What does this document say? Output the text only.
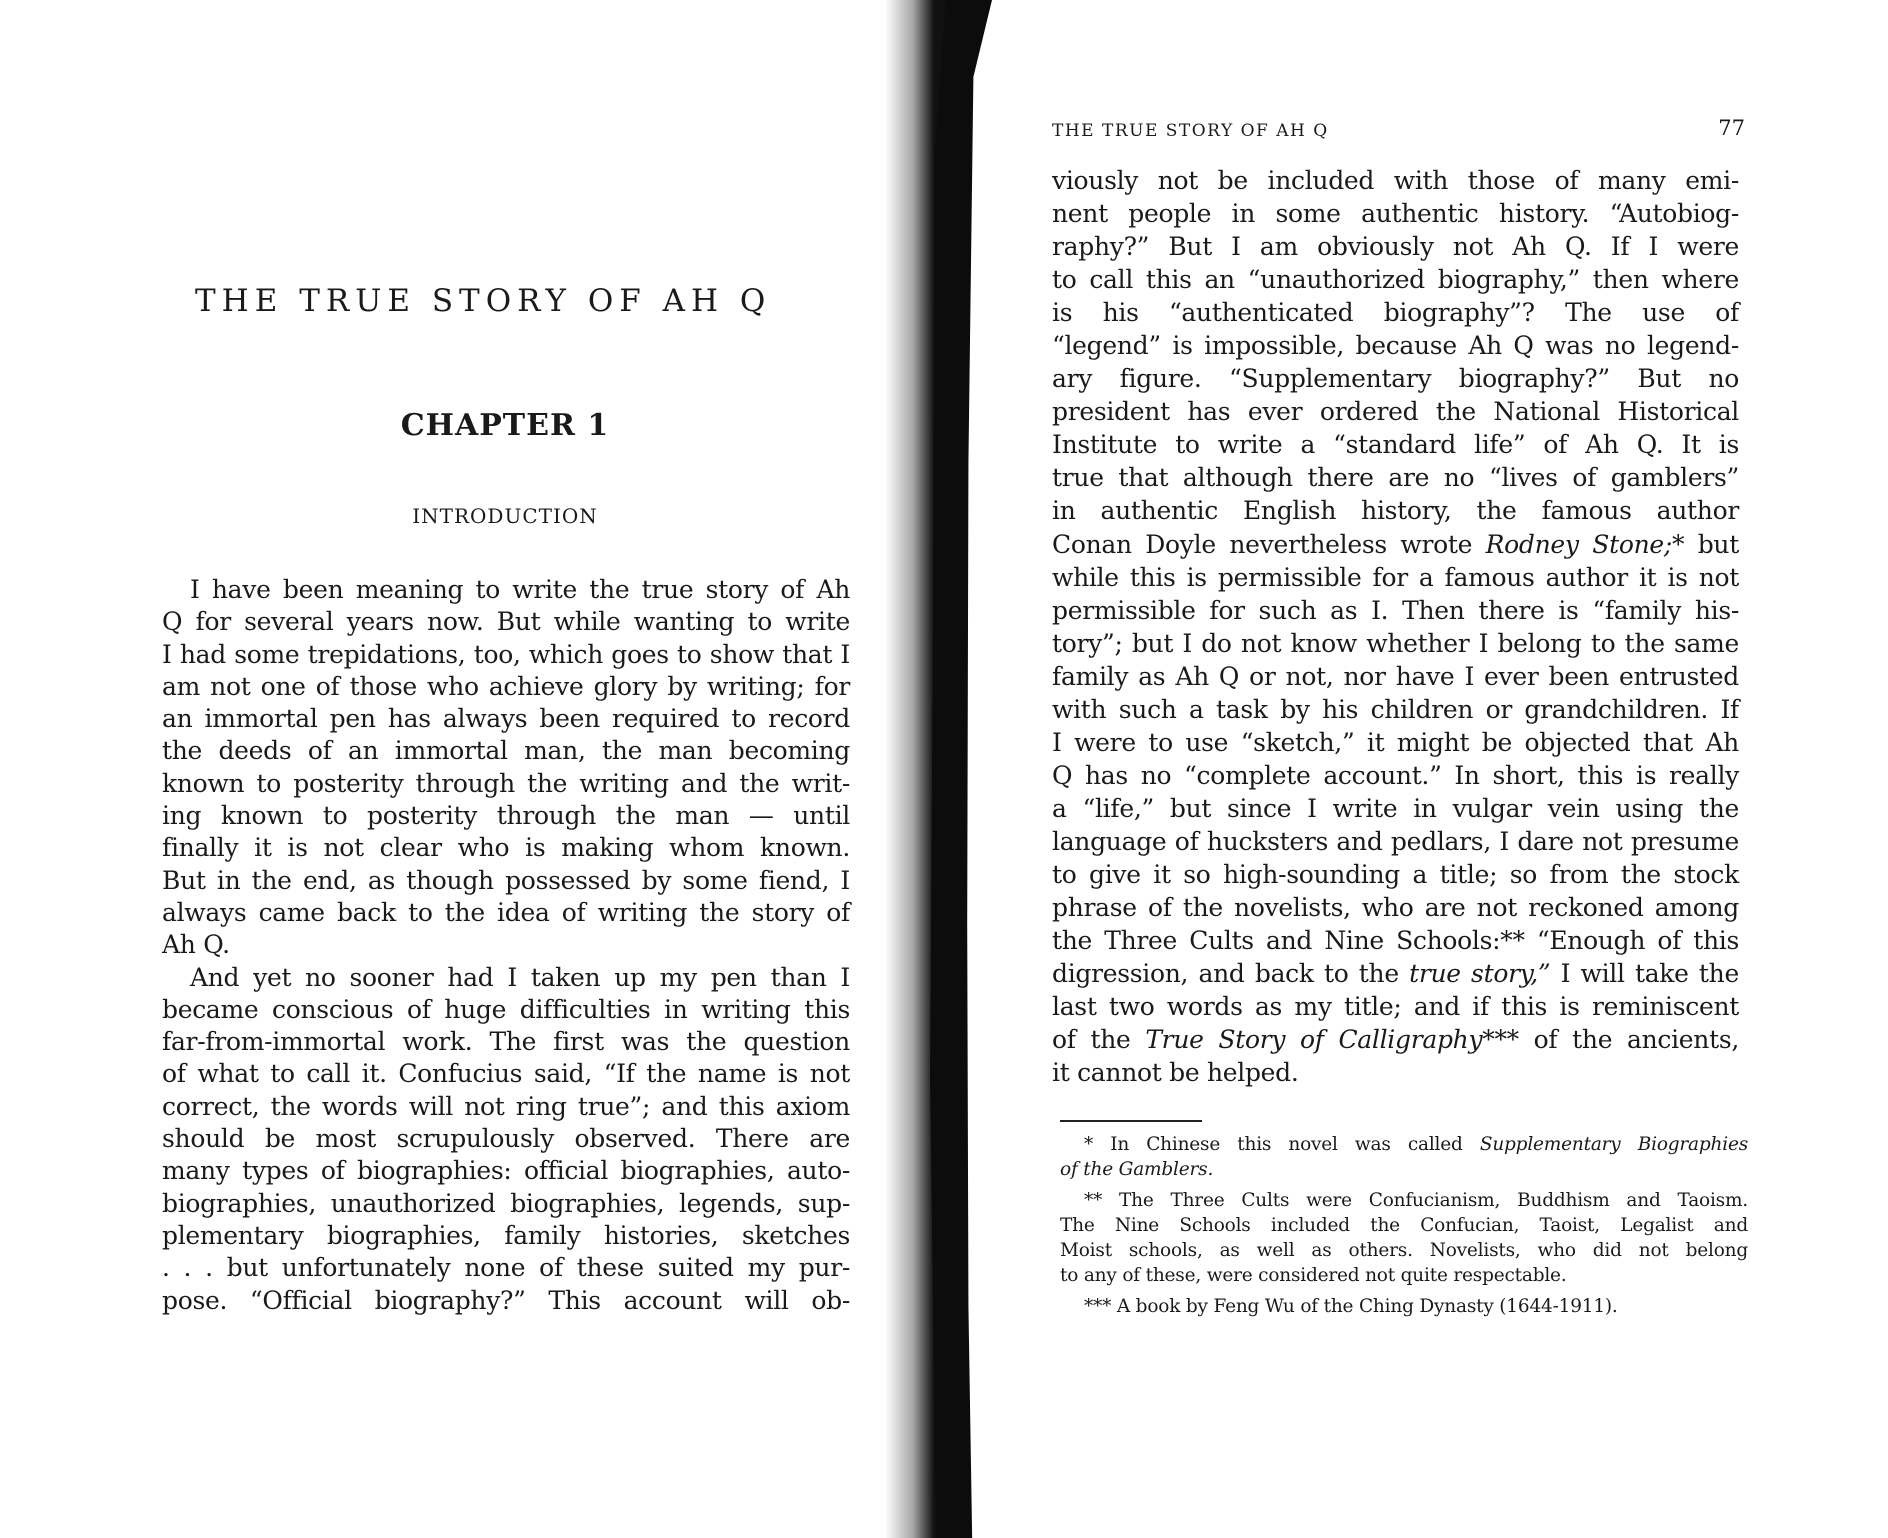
THE TRUE STORY OF AH Q
CHAPTER 1
INTRODUCTION
I have been meaning to write the true story of Ah
Q for several years now. But while wanting to write
I had some trepidations, too, which goes to show that I
am not one of those who achieve glory by writing; for
an immortal pen has always been required to record
the deeds of an immortal man, the man becoming
known to posterity through the writing and the writ-
ing known to posterity through the man — until
finally it is not clear who is making whom known.
But in the end, as though possessed by some fiend, I
always came back to the idea of writing the story of
Ah Q.
And yet no sooner had I taken up my pen than I
became conscious of huge difficulties in writing this
far-from-immortal work. The first was the question
of what to call it. Confucius said, “If the name is not
correct, the words will not ring true”; and this axiom
should be most scrupulously observed. There are
many types of biographies: official biographies, auto-
biographies, unauthorized biographies, legends, sup-
plementary biographies, family histories, sketches
. . . but unfortunately none of these suited my pur-
pose. “Official biography?” This account will ob-
THE TRUE STORY OF AH Q	77
viously not be included with those of many emi-
nent people in some authentic history. “Autobiog-
raphy?” But I am obviously not Ah Q. If I were
to call this an “unauthorized biography,” then where
is his “authenticated biography”? The use of
“legend” is impossible, because Ah Q was no legend-
ary figure. “Supplementary biography?” But no
president has ever ordered the National Historical
Institute to write a “standard life” of Ah Q. It is
true that although there are no “lives of gamblers”
in authentic English history, the famous author
Conan Doyle nevertheless wrote Rodney Stone;* but
while this is permissible for a famous author it is not
permissible for such as I. Then there is “family his-
tory”; but I do not know whether I belong to the same
family as Ah Q or not, nor have I ever been entrusted
with such a task by his children or grandchildren. If
I were to use “sketch,” it might be objected that Ah
Q has no “complete account.” In short, this is really
a “life,” but since I write in vulgar vein using the
language of hucksters and pedlars, I dare not presume
to give it so high-sounding a title; so from the stock
phrase of the novelists, who are not reckoned among
the Three Cults and Nine Schools:** “Enough of this
digression, and back to the true story,” I will take the
last two words as my title; and if this is reminiscent
of the True Story of Calligraphy*** of the ancients,
it cannot be helped.
* In Chinese this novel was called Supplementary Biographies
of the Gamblers.
** The Three Cults were Confucianism, Buddhism and Taoism.
The Nine Schools included the Confucian, Taoist, Legalist and
Moist schools, as well as others. Novelists, who did not belong
to any of these, were considered not quite respectable.
*** A book by Feng Wu of the Ching Dynasty (1644-1911).
